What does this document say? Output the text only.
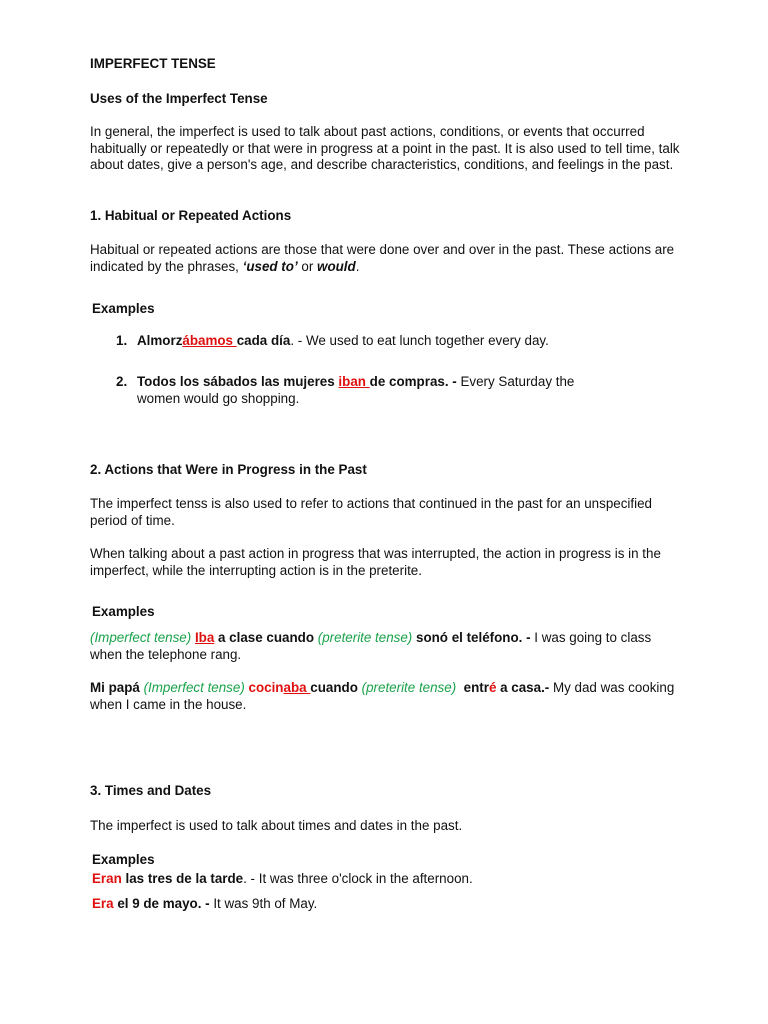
IMPERFECT TENSE

Uses of the Imperfect Tense

In general, the imperfect is used to talk about past actions, conditions, or events that occurred habitually or repeatedly or that were in progress at a point in the past. It is also used to tell time, talk about dates, give a person's age, and describe characteristics, conditions, and feelings in the past.

1. Habitual or Repeated Actions

Habitual or repeated actions are those that were done over and over in the past. These actions are indicated by the phrases, ‘used to’ or would.

Examples

1. Almorzábamos cada día. - We used to eat lunch together every day.

2. Todos los sábados las mujeres iban de compras. - Every Saturday the women would go shopping.

2. Actions that Were in Progress in the Past

The imperfect tenss is also used to refer to actions that continued in the past for an unspecified period of time.

When talking about a past action in progress that was interrupted, the action in progress is in the imperfect, while the interrupting action is in the preterite.

Examples

(Imperfect tense) Iba a clase cuando (preterite tense) sonó el teléfono. - I was going to class when the telephone rang.

Mi papá (Imperfect tense) cocinaba cuando (preterite tense) entré a casa.- My dad was cooking when I came in the house.

3. Times and Dates

The imperfect is used to talk about times and dates in the past.

Examples

Eran las tres de la tarde. - It was three o'clock in the afternoon.

Era el 9 de mayo. - It was 9th of May.
